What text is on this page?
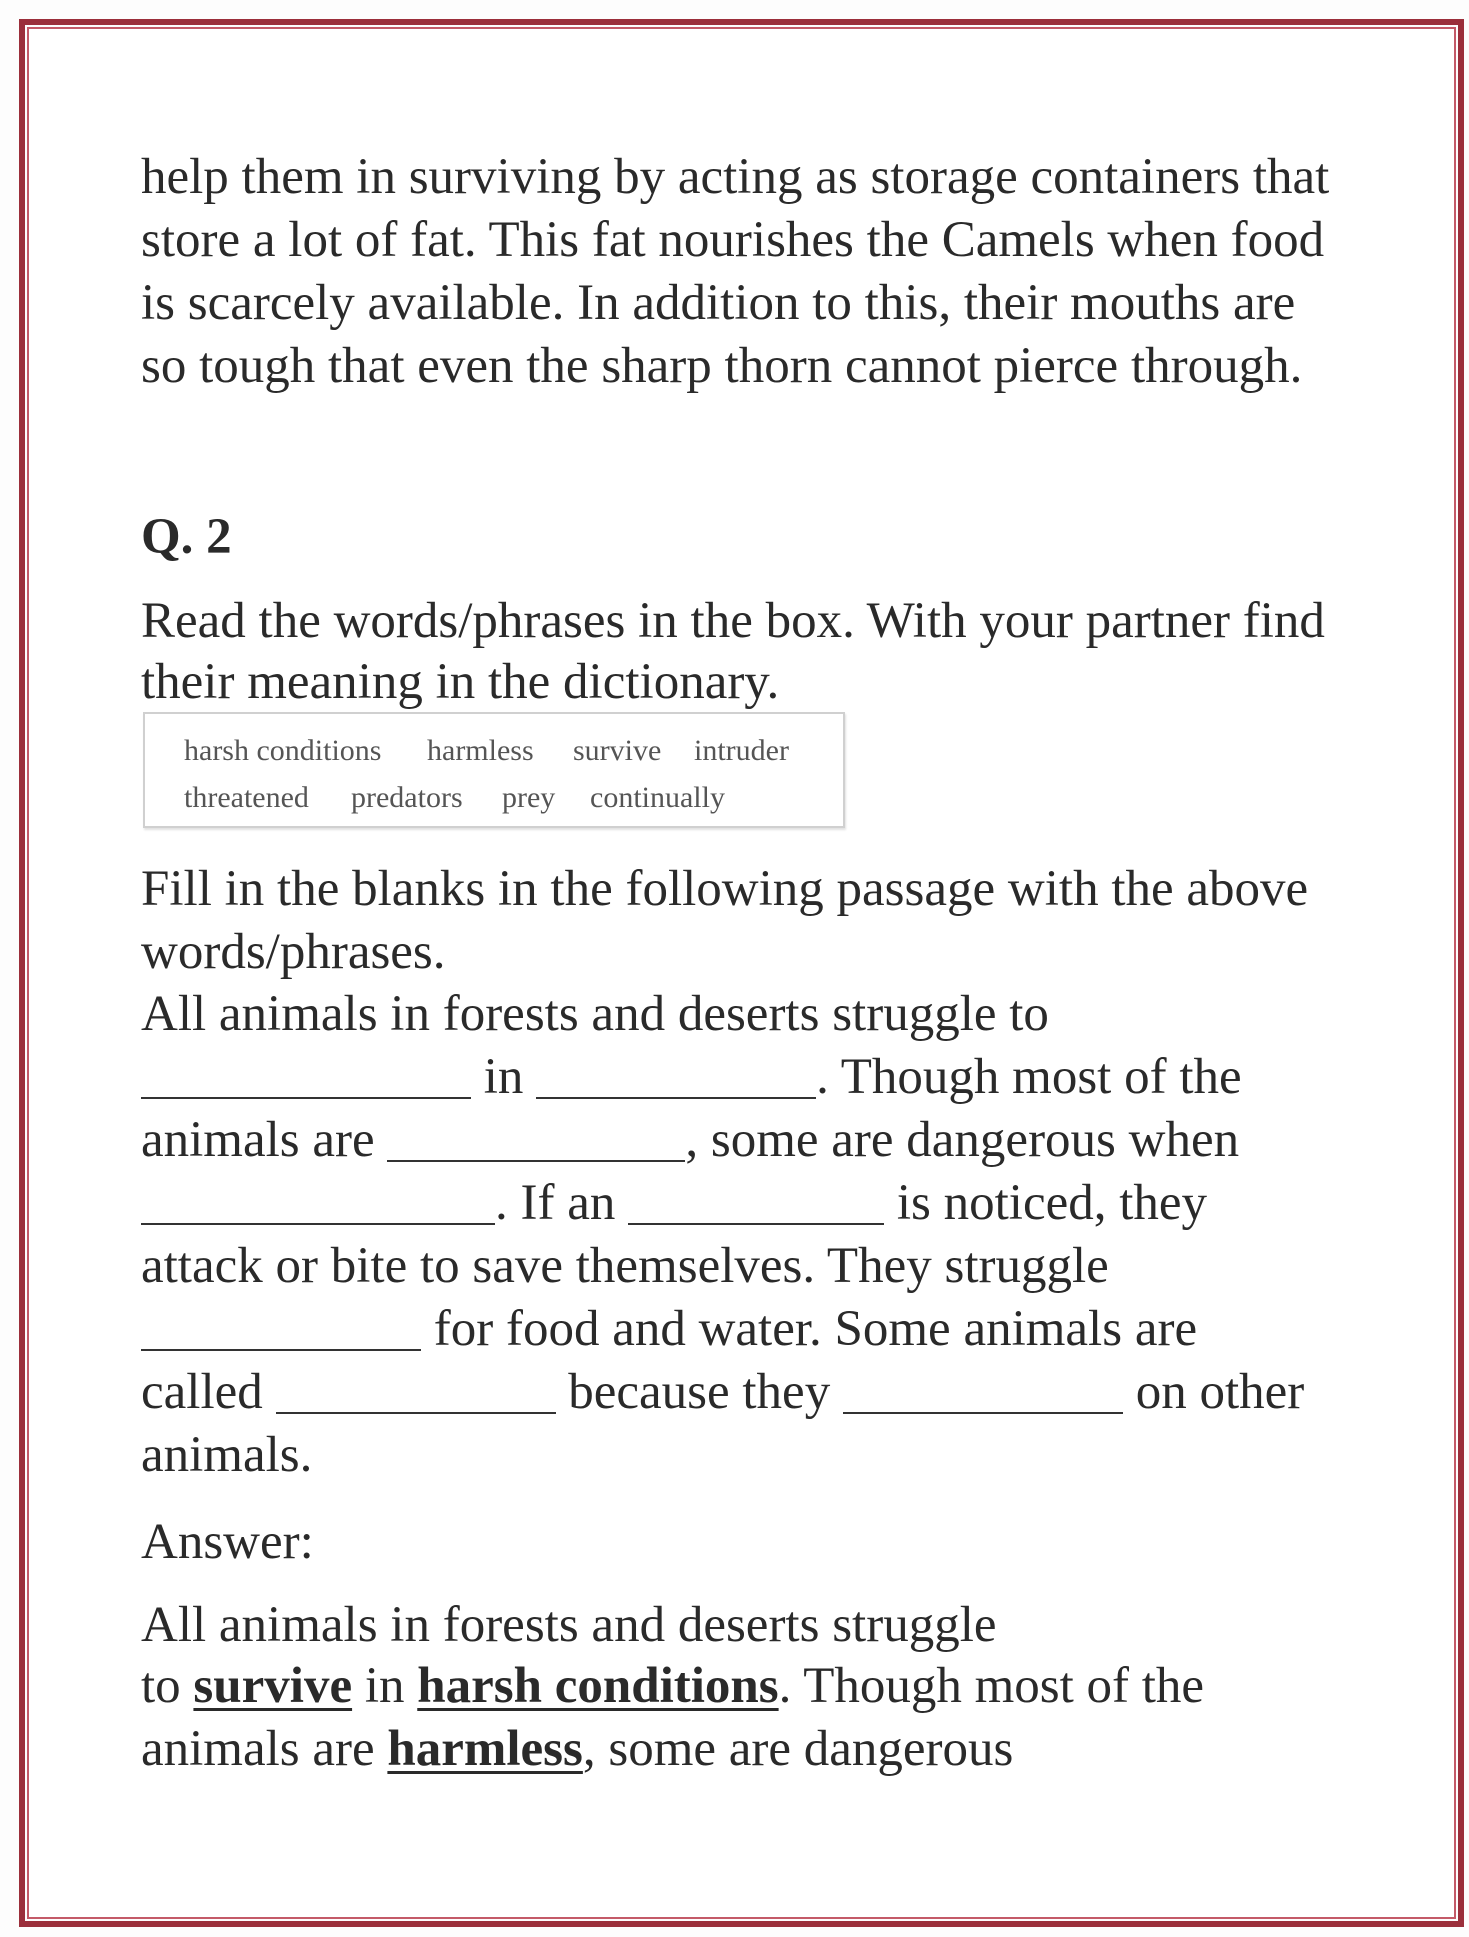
help them in surviving by acting as storage containers that
store a lot of fat. This fat nourishes the Camels when food
is scarcely available. In addition to this, their mouths are
so tough that even the sharp thorn cannot pierce through.
Q. 2
Read the words/phrases in the box. With your partner find
their meaning in the dictionary.
harsh conditions harmless survive intruder
threatened predators prey continually
Fill in the blanks in the following passage with the above
words/phrases.
All animals in forests and deserts struggle to
in	. Though most of the
animals are	, some are dangerous when
. If an	is noticed, they
attack or bite to save themselves. They struggle
for food and water. Some animals are
called	because they	on other
animals.
Answer:
All animals in forests and deserts struggle
to survive in harsh conditions. Though most of the
animals are harmless, some are dangerous
